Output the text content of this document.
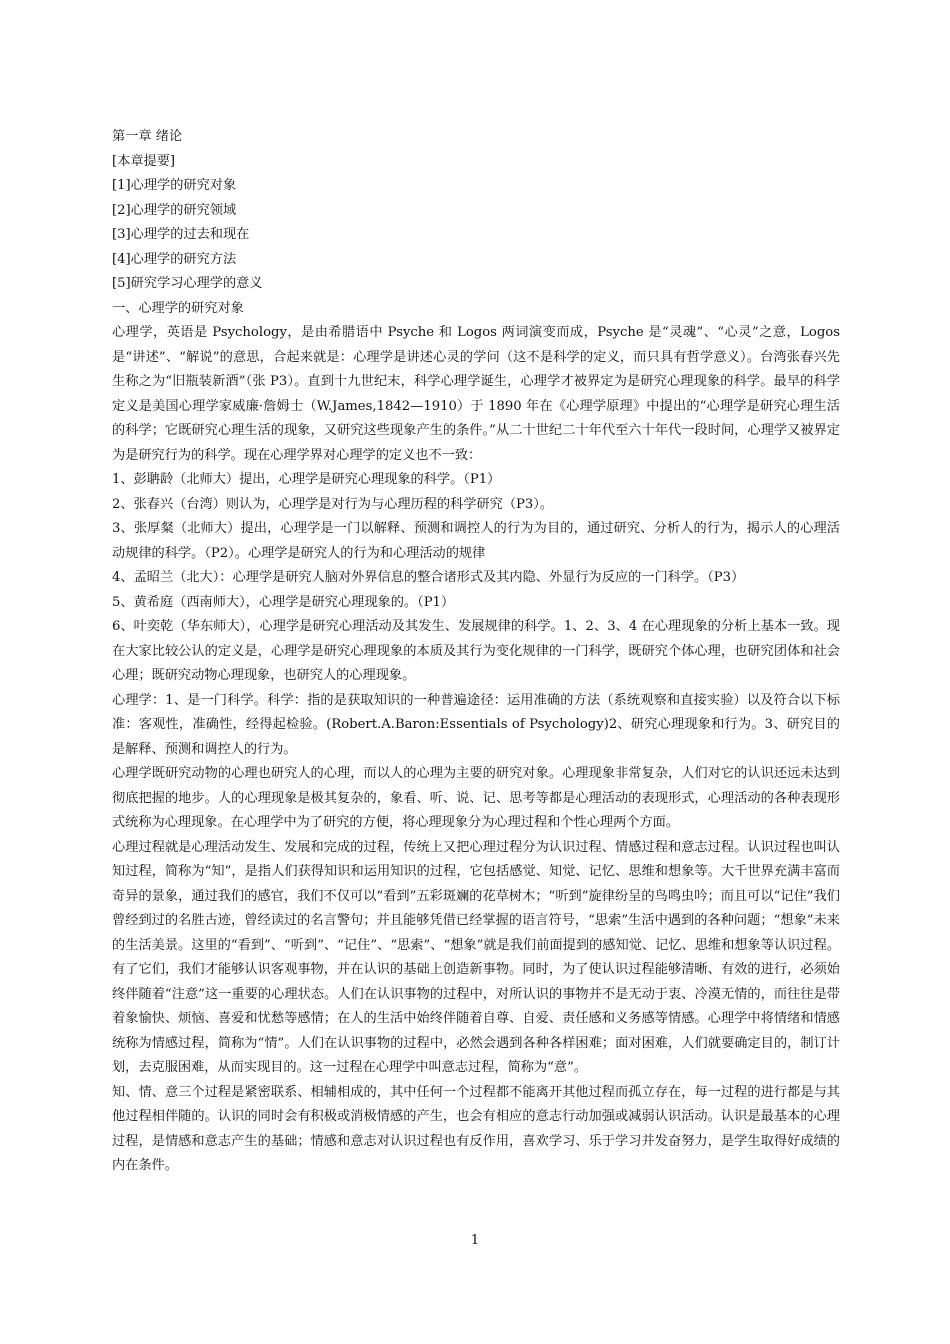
第一章 绪论

[本章提要]

[1]心理学的研究对象

[2]心理学的研究领域

[3]心理学的过去和现在

[4]心理学的研究方法

[5]研究学习心理学的意义

一、心理学的研究对象

心理学，英语是 Psychology，是由希腊语中 Psyche 和 Logos 两词演变而成，Psyche 是“灵魂”、“心灵”之意，Logos 是“讲述”、“解说”的意思，合起来就是：心理学是讲述心灵的学问（这不是科学的定义，而只具有哲学意义）。台湾张春兴先生称之为“旧瓶装新酒”（张 P3）。直到十九世纪末，科学心理学诞生，心理学才被界定为是研究心理现象的科学。最早的科学定义是美国心理学家威廉·詹姆士（W.James,1842—1910）于 1890 年在《心理学原理》中提出的“心理学是研究心理生活的科学；它既研究心理生活的现象，又研究这些现象产生的条件。”从二十世纪二十年代至六十年代一段时间，心理学又被界定为是研究行为的科学。现在心理学界对心理学的定义也不一致：

1、彭聃龄（北师大）提出，心理学是研究心理现象的科学。（P1）

2、张春兴（台湾）则认为，心理学是对行为与心理历程的科学研究（P3）。

3、张厚粲（北师大）提出，心理学是一门以解释、预测和调控人的行为为目的，通过研究、分析人的行为，揭示人的心理活动规律的科学。（P2）。心理学是研究人的行为和心理活动的规律

4、孟昭兰（北大）：心理学是研究人脑对外界信息的整合诸形式及其内隐、外显行为反应的一门科学。（P3）

5、黄希庭（西南师大），心理学是研究心理现象的。（P1）

6、叶奕乾（华东师大），心理学是研究心理活动及其发生、发展规律的科学。1、2、3、4 在心理现象的分析上基本一致。现在大家比较公认的定义是，心理学是研究心理现象的本质及其行为变化规律的一门科学，既研究个体心理，也研究团体和社会心理；既研究动物心理现象，也研究人的心理现象。

心理学：1、是一门科学。科学：指的是获取知识的一种普遍途径：运用准确的方法（系统观察和直接实验）以及符合以下标准：客观性，准确性，经得起检验。(Robert.A.Baron:Essentials of Psychology)2、研究心理现象和行为。3、研究目的是解释、预测和调控人的行为。

心理学既研究动物的心理也研究人的心理，而以人的心理为主要的研究对象。心理现象非常复杂，人们对它的认识还远未达到彻底把握的地步。人的心理现象是极其复杂的，象看、听、说、记、思考等都是心理活动的表现形式，心理活动的各种表现形式统称为心理现象。在心理学中为了研究的方便，将心理现象分为心理过程和个性心理两个方面。

心理过程就是心理活动发生、发展和完成的过程，传统上又把心理过程分为认识过程、情感过程和意志过程。认识过程也叫认知过程，简称为“知”，是指人们获得知识和运用知识的过程，它包括感觉、知觉、记忆、思维和想象等。大千世界充满丰富而奇异的景象，通过我们的感官，我们不仅可以“看到”五彩斑斓的花草树木；“听到”旋律纷呈的鸟鸣虫吟；而且可以“记住”我们曾经到过的名胜古迹，曾经读过的名言警句；并且能够凭借已经掌握的语言符号，“思索”生活中遇到的各种问题；“想象”未来的生活美景。这里的“看到”、“听到”、“记住”、“思索”、“想象”就是我们前面提到的感知觉、记忆、思维和想象等认识过程。有了它们，我们才能够认识客观事物，并在认识的基础上创造新事物。同时，为了使认识过程能够清晰、有效的进行，必须始终伴随着“注意”这一重要的心理状态。人们在认识事物的过程中，对所认识的事物并不是无动于衷、冷漠无情的，而往往是带着象愉快、烦恼、喜爱和忧愁等感情；在人的生活中始终伴随着自尊、自爱、责任感和义务感等情感。心理学中将情绪和情感统称为情感过程，简称为“情”。人们在认识事物的过程中，必然会遇到各种各样困难；面对困难，人们就要确定目的，制订计划，去克服困难，从而实现目的。这一过程在心理学中叫意志过程，简称为“意”。

知、情、意三个过程是紧密联系、相辅相成的，其中任何一个过程都不能离开其他过程而孤立存在，每一过程的进行都是与其他过程相伴随的。认识的同时会有积极或消极情感的产生，也会有相应的意志行动加强或减弱认识活动。认识是最基本的心理过程，是情感和意志产生的基础；情感和意志对认识过程也有反作用，喜欢学习、乐于学习并发奋努力，是学生取得好成绩的内在条件。

1
